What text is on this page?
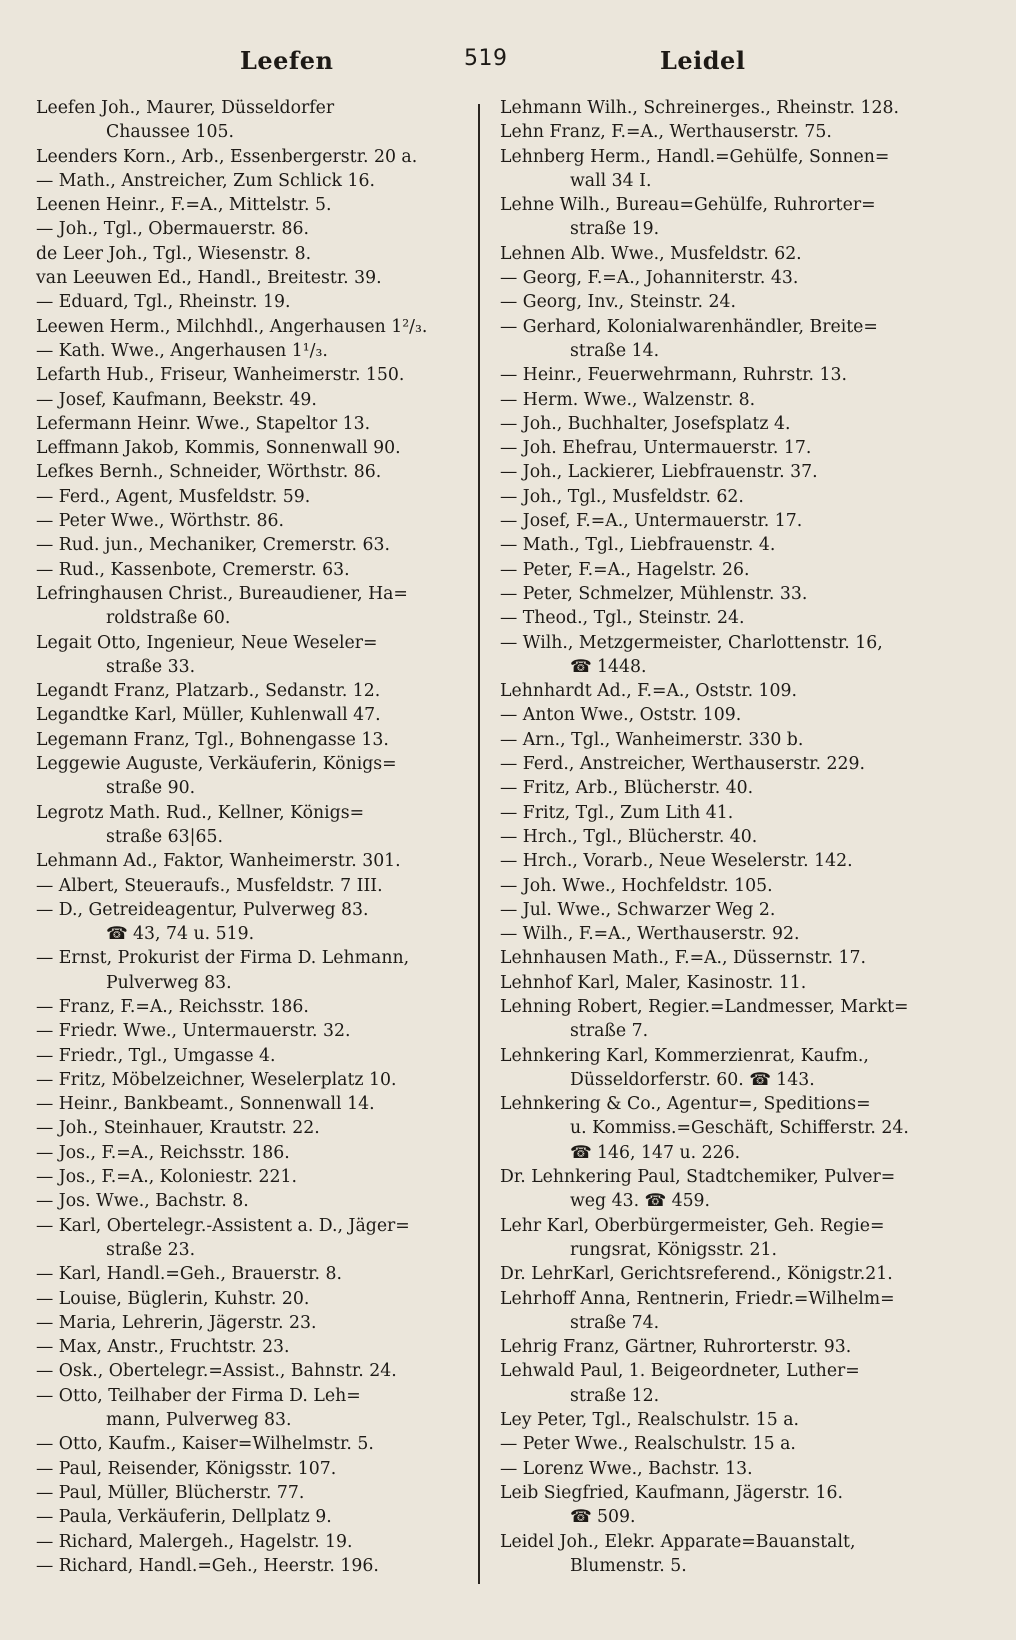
Leefen	519	Leidel
Leefen Joh., Maurer, Düsseldorfer
Chaussee 105.
Leenders Korn., Arb., Essenbergerstr. 20 a.
— Math., Anstreicher, Zum Schlick 16.
Leenen Heinr., F.=A., Mittelstr. 5.
— Joh., Tgl., Obermauerstr. 86.
de Leer Joh., Tgl., Wiesenstr. 8.
van Leeuwen Ed., Handl., Breitestr. 39.
— Eduard, Tgl., Rheinstr. 19.
Leewen Herm., Milchhdl., Angerhausen 1²/₃.
— Kath. Wwe., Angerhausen 1¹/₃.
Lefarth Hub., Friseur, Wanheimerstr. 150.
— Josef, Kaufmann, Beekstr. 49.
Lefermann Heinr. Wwe., Stapeltor 13.
Leffmann Jakob, Kommis, Sonnenwall 90.
Lefkes Bernh., Schneider, Wörthstr. 86.
— Ferd., Agent, Musfeldstr. 59.
— Peter Wwe., Wörthstr. 86.
— Rud. jun., Mechaniker, Cremerstr. 63.
— Rud., Kassenbote, Cremerstr. 63.
Lefringhausen Christ., Bureaudiener, Ha=
roldstraße 60.
Legait Otto, Ingenieur, Neue Weseler=
straße 33.
Legandt Franz, Platzarb., Sedanstr. 12.
Legandtke Karl, Müller, Kuhlenwall 47.
Legemann Franz, Tgl., Bohnengasse 13.
Leggewie Auguste, Verkäuferin, Königs=
straße 90.
Legrotz Math. Rud., Kellner, Königs=
straße 63|65.
Lehmann Ad., Faktor, Wanheimerstr. 301.
— Albert, Steueraufs., Musfeldstr. 7 III.
— D., Getreideagentur, Pulverweg 83.
☎ 43, 74 u. 519.
— Ernst, Prokurist der Firma D. Lehmann,
Pulverweg 83.
— Franz, F.=A., Reichsstr. 186.
— Friedr. Wwe., Untermauerstr. 32.
— Friedr., Tgl., Umgasse 4.
— Fritz, Möbelzeichner, Weselerplatz 10.
— Heinr., Bankbeamt., Sonnenwall 14.
— Joh., Steinhauer, Krautstr. 22.
— Jos., F.=A., Reichsstr. 186.
— Jos., F.=A., Koloniestr. 221.
— Jos. Wwe., Bachstr. 8.
— Karl, Obertelegr.-Assistent a. D., Jäger=
straße 23.
— Karl, Handl.=Geh., Brauerstr. 8.
— Louise, Büglerin, Kuhstr. 20.
— Maria, Lehrerin, Jägerstr. 23.
— Max, Anstr., Fruchtstr. 23.
— Osk., Obertelegr.=Assist., Bahnstr. 24.
— Otto, Teilhaber der Firma D. Leh=
mann, Pulverweg 83.
— Otto, Kaufm., Kaiser=Wilhelmstr. 5.
— Paul, Reisender, Königsstr. 107.
— Paul, Müller, Blücherstr. 77.
— Paula, Verkäuferin, Dellplatz 9.
— Richard, Malergeh., Hagelstr. 19.
— Richard, Handl.=Geh., Heerstr. 196.
Lehmann Wilh., Schreinerges., Rheinstr. 128.
Lehn Franz, F.=A., Werthauserstr. 75.
Lehnberg Herm., Handl.=Gehülfe, Sonnen=
wall 34 I.
Lehne Wilh., Bureau=Gehülfe, Ruhrorter=
straße 19.
Lehnen Alb. Wwe., Musfeldstr. 62.
— Georg, F.=A., Johanniterstr. 43.
— Georg, Inv., Steinstr. 24.
— Gerhard, Kolonialwarenhändler, Breite=
straße 14.
— Heinr., Feuerwehrmann, Ruhrstr. 13.
— Herm. Wwe., Walzenstr. 8.
— Joh., Buchhalter, Josefsplatz 4.
— Joh. Ehefrau, Untermauerstr. 17.
— Joh., Lackierer, Liebfrauenstr. 37.
— Joh., Tgl., Musfeldstr. 62.
— Josef, F.=A., Untermauerstr. 17.
— Math., Tgl., Liebfrauenstr. 4.
— Peter, F.=A., Hagelstr. 26.
— Peter, Schmelzer, Mühlenstr. 33.
— Theod., Tgl., Steinstr. 24.
— Wilh., Metzgermeister, Charlottenstr. 16,
☎ 1448.
Lehnhardt Ad., F.=A., Oststr. 109.
— Anton Wwe., Oststr. 109.
— Arn., Tgl., Wanheimerstr. 330 b.
— Ferd., Anstreicher, Werthauserstr. 229.
— Fritz, Arb., Blücherstr. 40.
— Fritz, Tgl., Zum Lith 41.
— Hrch., Tgl., Blücherstr. 40.
— Hrch., Vorarb., Neue Weselerstr. 142.
— Joh. Wwe., Hochfeldstr. 105.
— Jul. Wwe., Schwarzer Weg 2.
— Wilh., F.=A., Werthauserstr. 92.
Lehnhausen Math., F.=A., Düssernstr. 17.
Lehnhof Karl, Maler, Kasinostr. 11.
Lehning Robert, Regier.=Landmesser, Markt=
straße 7.
Lehnkering Karl, Kommerzienrat, Kaufm.,
Düsseldorferstr. 60. ☎ 143.
Lehnkering & Co., Agentur=, Speditions=
u. Kommiss.=Geschäft, Schifferstr. 24.
☎ 146, 147 u. 226.
Dr. Lehnkering Paul, Stadtchemiker, Pulver=
weg 43. ☎ 459.
Lehr Karl, Oberbürgermeister, Geh. Regie=
rungsrat, Königsstr. 21.
Dr. LehrKarl, Gerichtsreferend., Königstr.21.
Lehrhoff Anna, Rentnerin, Friedr.=Wilhelm=
straße 74.
Lehrig Franz, Gärtner, Ruhrorterstr. 93.
Lehwald Paul, 1. Beigeordneter, Luther=
straße 12.
Ley Peter, Tgl., Realschulstr. 15 a.
— Peter Wwe., Realschulstr. 15 a.
— Lorenz Wwe., Bachstr. 13.
Leib Siegfried, Kaufmann, Jägerstr. 16.
☎ 509.
Leidel Joh., Elekr. Apparate=Bauanstalt,
Blumenstr. 5.
